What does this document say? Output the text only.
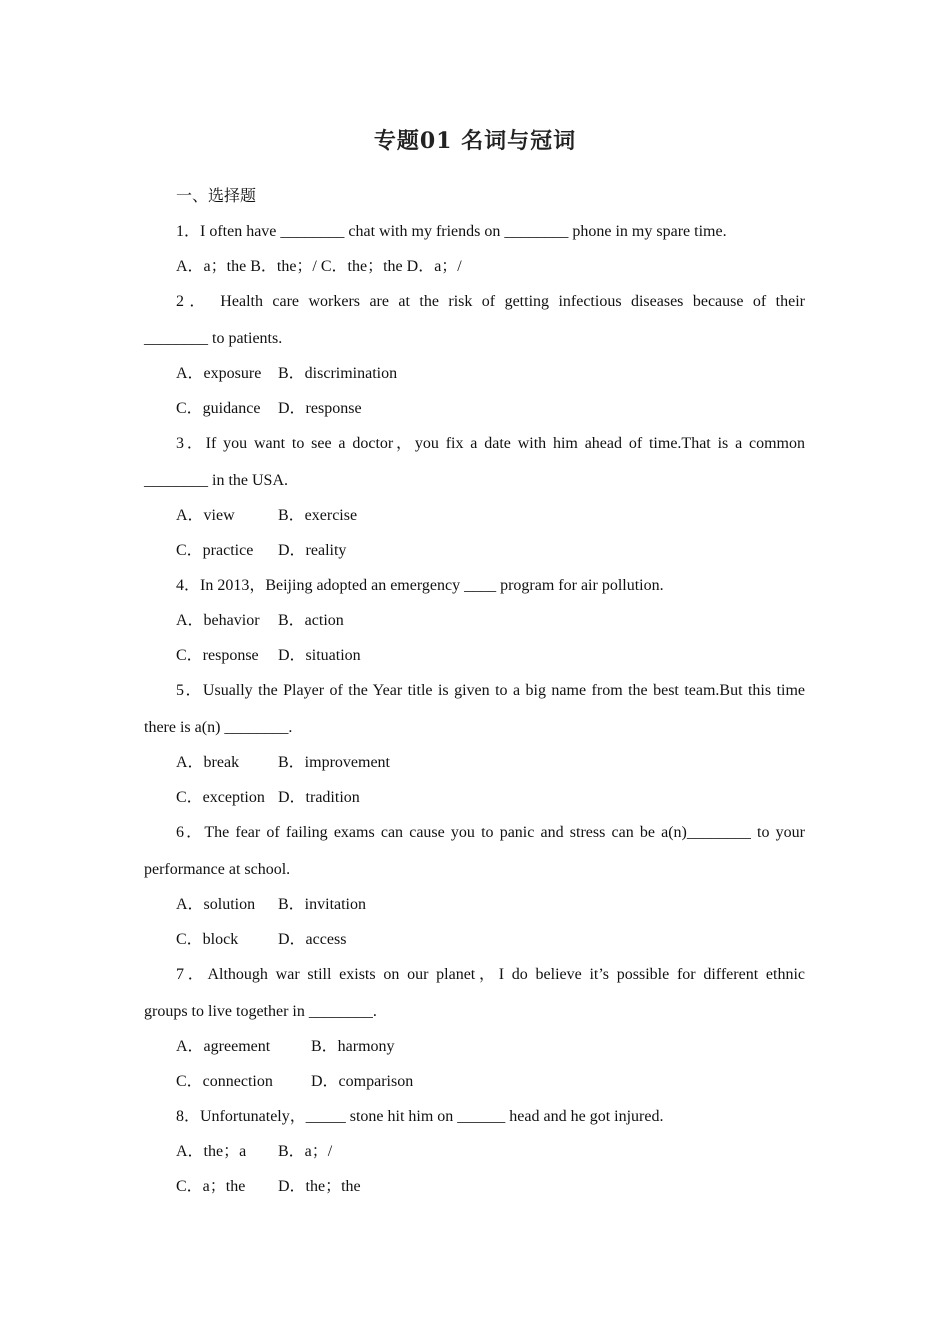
专题01 名词与冠词
一、选择题
1．I often have ________ chat with my friends on ________ phone in my spare time.
A．a；the B．the；/ C．the；the D．a；/
2． Health care workers are at the risk of getting infectious diseases because of their
________ to patients.
A．exposure B．discrimination
C．guidance D．response
3．If you want to see a doctor，you fix a date with him ahead of time.That is a common
________ in the USA.
A．view	B．exercise
C．practice D．reality
4．In 2013，Beijing adopted an emergency ____ program for air pollution.
A．behavior B．action
C．response D．situation
5．Usually the Player of the Year title is given to a big name from the best team.But this time
there is a(n) ________.
A．break B．improvement
C．exception D．tradition
6．The fear of failing exams can cause you to panic and stress can be a(n)________ to your
performance at school.
A．solution B．invitation
C．block D．access
7．Although war still exists on our planet，I do believe it’s possible for different ethnic
groups to live together in ________.
A．agreement	B．harmony
C．connection D．comparison
8．Unfortunately，_____ stone hit him on ______ head and he got injured.
A．the；a B．a；/
C．a；the D．the；the
